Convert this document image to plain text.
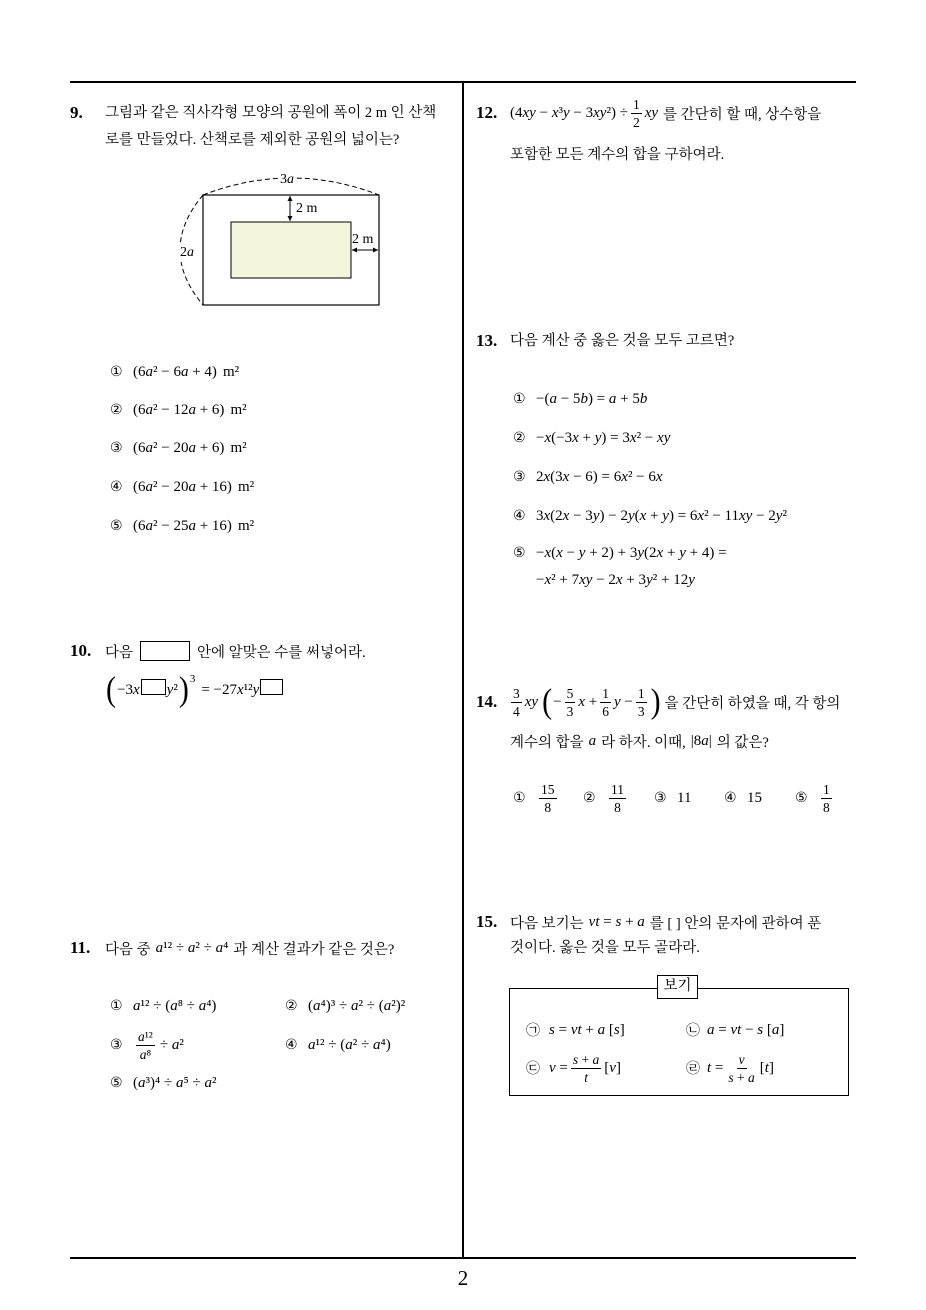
2
9. 그림과 같은 직사각형 모양의 공원에 폭이 2 m 인 산책
로를 만들었다. 산책로를 제외한 공원의 넓이는?
3a
2a
2 m
2 m
① (6a² − 6a + 4) m²
② (6a² − 12a + 6) m²
③ (6a² − 20a + 6) m²
④ (6a² − 20a + 16) m²
⑤ (6a² − 25a + 16) m²
10. 다음	안에 알맞은 수를 써넣어라.
( −3x y² ) 3
= −27x¹²y
11. 다음 중 a¹² ÷ a² ÷ a⁴ 과 계산 결과가 같은 것은?
① a¹² ÷ (a⁸ ÷ a⁴)	② (a⁴)³ ÷ a² ÷ (a²)²
③ $\frac{\text{a¹²}}{\text{a⁸}} \div a^2$	④ a¹² ÷ (a² ÷ a⁴)
⑤ (a³)⁴ ÷ a⁵ ÷ a²
12. $(4xy - x^3y - 3xy^2) \div \frac{1}{2}$ xy 를 간단히 할 때, 상수항을
포함한 모든 계수의 합을 구하여라.
13. 다음 계산 중 옳은 것을 모두 고르면?
① −(a − 5b) = a + 5b
② −x(−3x + y) = 3x² − xy
③ 2x(3x − 6) = 6x² − 6x
④ 3x(2x − 3y) − 2y(x + y) = 6x² − 11xy − 2y²
⑤ −x(x − y + 2) + 3y(2x + y + 4) =
−x² + 7xy − 2x + 3y² + 12y
14. $\frac{3}{4}$ xy ( − $\frac{5}{3}$ $x + \frac{1}{6}$ $y - \frac{1}{3}$ ) 을 간단히 하였을 때, 각 항의
계수의 합을 a 라 하자. 이때, |8a| 의 값은?
① $\frac{15}{8}$ ② $\frac{11}{8}$ ③ 11 ④ 15 ⑤ $\frac{1}{8}$
15. 다음 보기는 vt = s + a 를 [ ] 안의 문자에 관하여 푼
것이다. 옳은 것을 모두 골라라.
보기
㉠ s = vt + a [s]	㉡ a = vt − s [a]
㉢ $v = \frac{s + a}{t} [v]$	㉣ $t = \frac{v}{s + a} [t]$
